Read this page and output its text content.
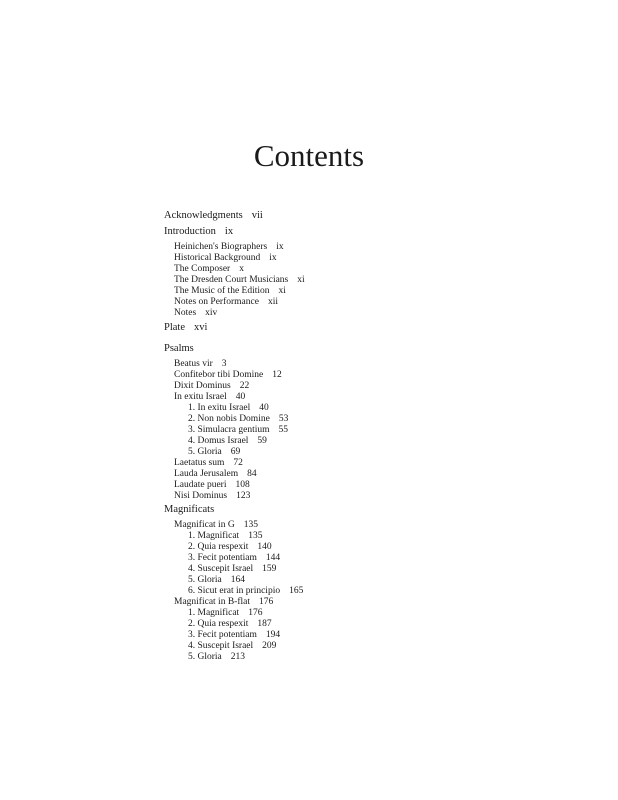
Contents
Acknowledgments vii
Introduction ix
Heinichen's Biographers ix
Historical Background ix
The Composer x
The Dresden Court Musicians xi
The Music of the Edition xi
Notes on Performance xii
Notes xiv
Plate xvi
Psalms
Beatus vir 3
Confitebor tibi Domine 12
Dixit Dominus 22
In exitu Israel 40
1. In exitu Israel 40
2. Non nobis Domine 53
3. Simulacra gentium 55
4. Domus Israel 59
5. Gloria 69
Laetatus sum 72
Lauda Jerusalem 84
Laudate pueri 108
Nisi Dominus 123
Magnificats
Magnificat in G 135
1. Magnificat 135
2. Quia respexit 140
3. Fecit potentiam 144
4. Suscepit Israel 159
5. Gloria 164
6. Sicut erat in principio 165
Magnificat in B-flat 176
1. Magnificat 176
2. Quia respexit 187
3. Fecit potentiam 194
4. Suscepit Israel 209
5. Gloria 213
